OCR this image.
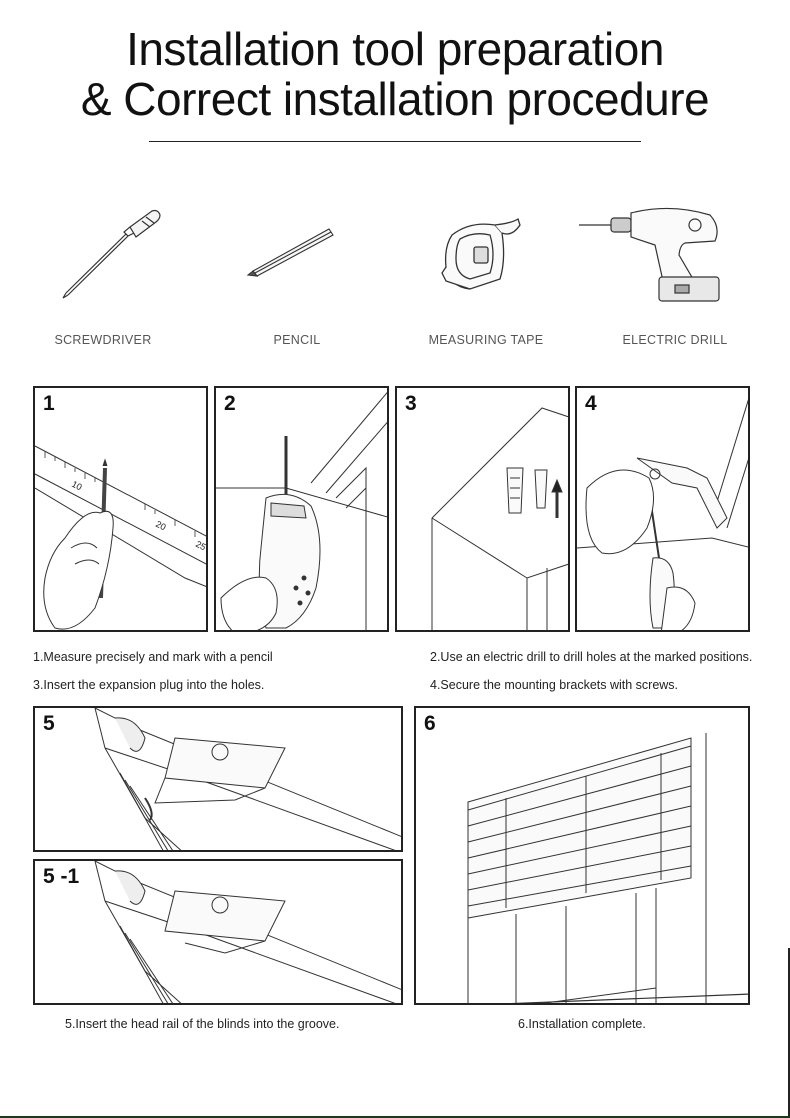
Installation tool preparation
& Correct installation procedure
SCREWDRIVER	PENCIL	MEASURING TAPE	ELECTRIC DRILL
10
20
25
1	2	3	4
1.Measure precisely and mark with a pencil	2.Use an electric drill to drill holes at the marked positions.
3.Insert the expansion plug into the holes.	4.Secure the mounting brackets with screws.
5
5 -1
6
5.Insert the head rail of the blinds into the groove.	6.Installation complete.
